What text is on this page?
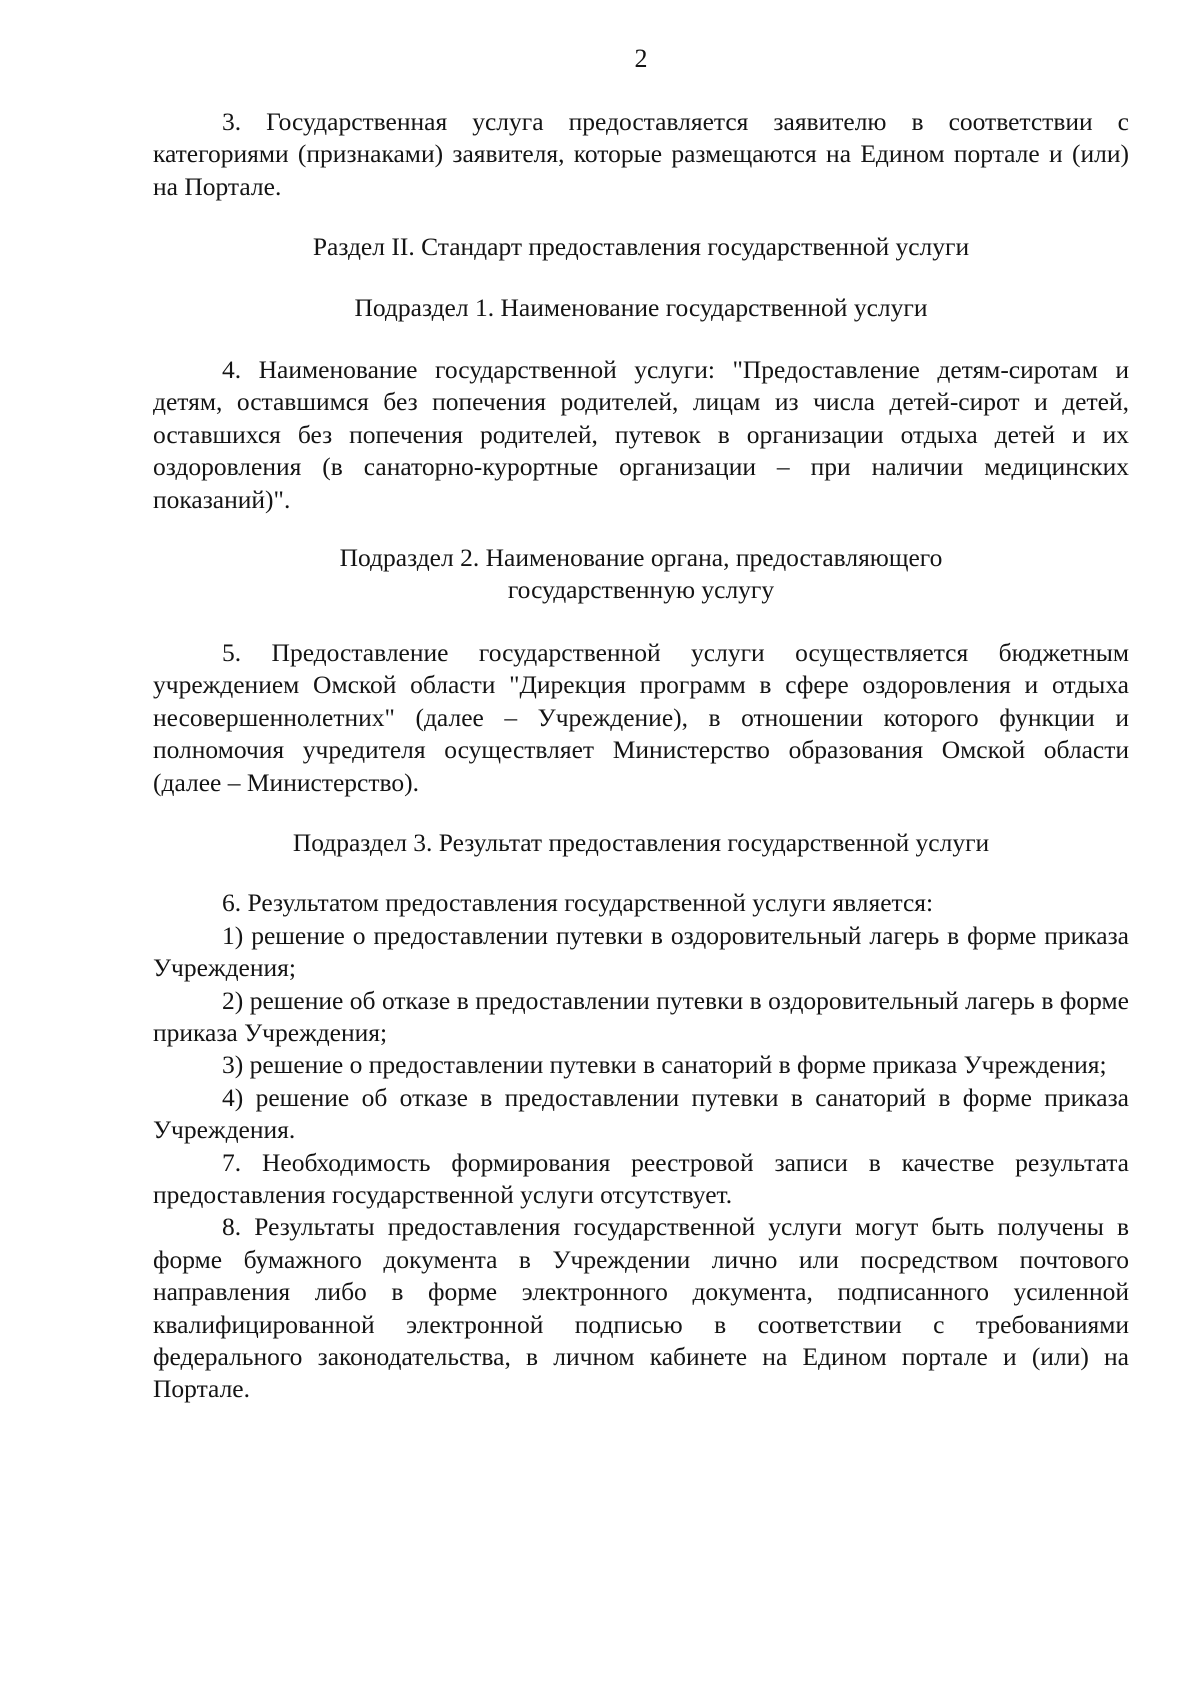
2

3. Государственная услуга предоставляется заявителю в соответствии с категориями (признаками) заявителя, которые размещаются на Едином портале и (или) на Портале.

Раздел II. Стандарт предоставления государственной услуги
Подраздел 1. Наименование государственной услуги

4. Наименование государственной услуги: "Предоставление детям-сиротам и детям, оставшимся без попечения родителей, лицам из числа детей-сирот и детей, оставшихся без попечения родителей, путевок в организации отдыха детей и их оздоровления (в санаторно-курортные организации – при наличии медицинских показаний)".

Подраздел 2. Наименование органа, предоставляющего
государственную услугу

5. Предоставление государственной услуги осуществляется бюджетным учреждением Омской области "Дирекция программ в сфере оздоровления и отдыха несовершеннолетних" (далее – Учреждение), в отношении которого функции и полномочия учредителя осуществляет Министерство образования Омской области (далее – Министерство).

Подраздел 3. Результат предоставления государственной услуги

6. Результатом предоставления государственной услуги является:

1) решение о предоставлении путевки в оздоровительный лагерь в форме приказа Учреждения;

2) решение об отказе в предоставлении путевки в оздоровительный лагерь в форме приказа Учреждения;

3) решение о предоставлении путевки в санаторий в форме приказа Учреждения;

4) решение об отказе в предоставлении путевки в санаторий в форме приказа Учреждения.

7. Необходимость формирования реестровой записи в качестве результата предоставления государственной услуги отсутствует.

8. Результаты предоставления государственной услуги могут быть получены в форме бумажного документа в Учреждении лично или посредством почтового направления либо в форме электронного документа, подписанного усиленной квалифицированной электронной подписью в соответствии с требованиями федерального законодательства, в личном кабинете на Едином портале и (или) на Портале.
